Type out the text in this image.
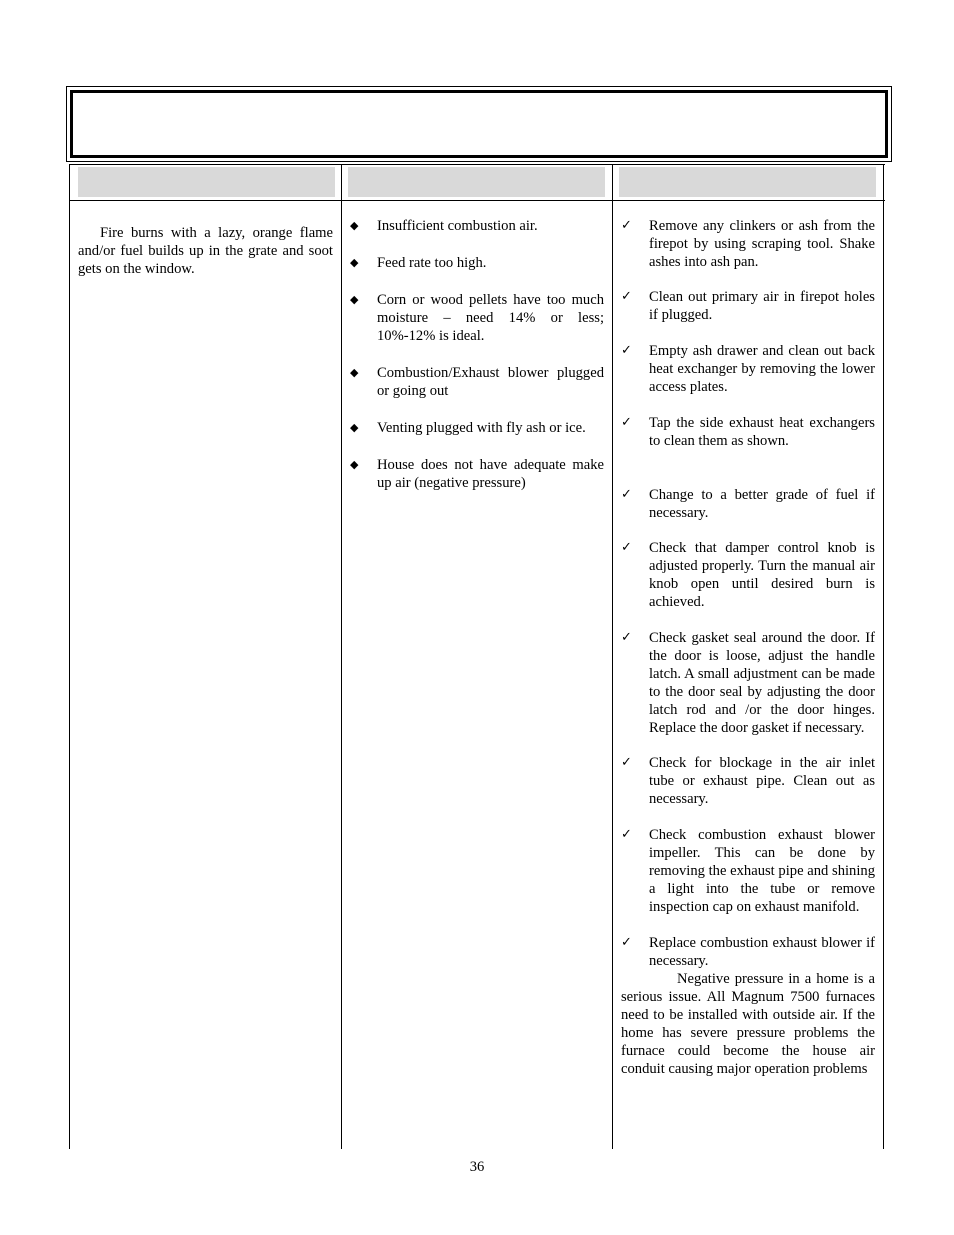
Fire burns with a lazy, orange flame and/or fuel builds up in the grate and soot gets on the window.

◆ Insufficient combustion air.
◆ Feed rate too high.
◆ Corn or wood pellets have too much moisture – need 14% or less; 10%-12% is ideal.
◆ Combustion/Exhaust blower plugged or going out
◆ Venting plugged with fly ash or ice.
◆ House does not have adequate make up air (negative pressure)
✓ Remove any clinkers or ash from the firepot by using scraping tool. Shake ashes into ash pan.
✓ Clean out primary air in firepot holes if plugged.
✓ Empty ash drawer and clean out back heat exchanger by removing the lower access plates.
✓ Tap the side exhaust heat exchangers to clean them as shown.
✓ Change to a better grade of fuel if necessary.
✓ Check that damper control knob is adjusted properly. Turn the manual air knob open until desired burn is achieved.
✓ Check gasket seal around the door. If the door is loose, adjust the handle latch. A small adjustment can be made to the door seal by adjusting the door latch rod and /or the door hinges. Replace the door gasket if necessary.
✓ Check for blockage in the air inlet tube or exhaust pipe. Clean out as necessary.
✓ Check combustion exhaust blower impeller. This can be done by removing the exhaust pipe and shining a light into the tube or remove inspection cap on exhaust manifold.
✓ Replace combustion exhaust blower if necessary.

Negative pressure in a home is a serious issue. All Magnum 7500 furnaces need to be installed with outside air. If the home has severe pressure problems the furnace could become the house air conduit causing major operation problems

36
